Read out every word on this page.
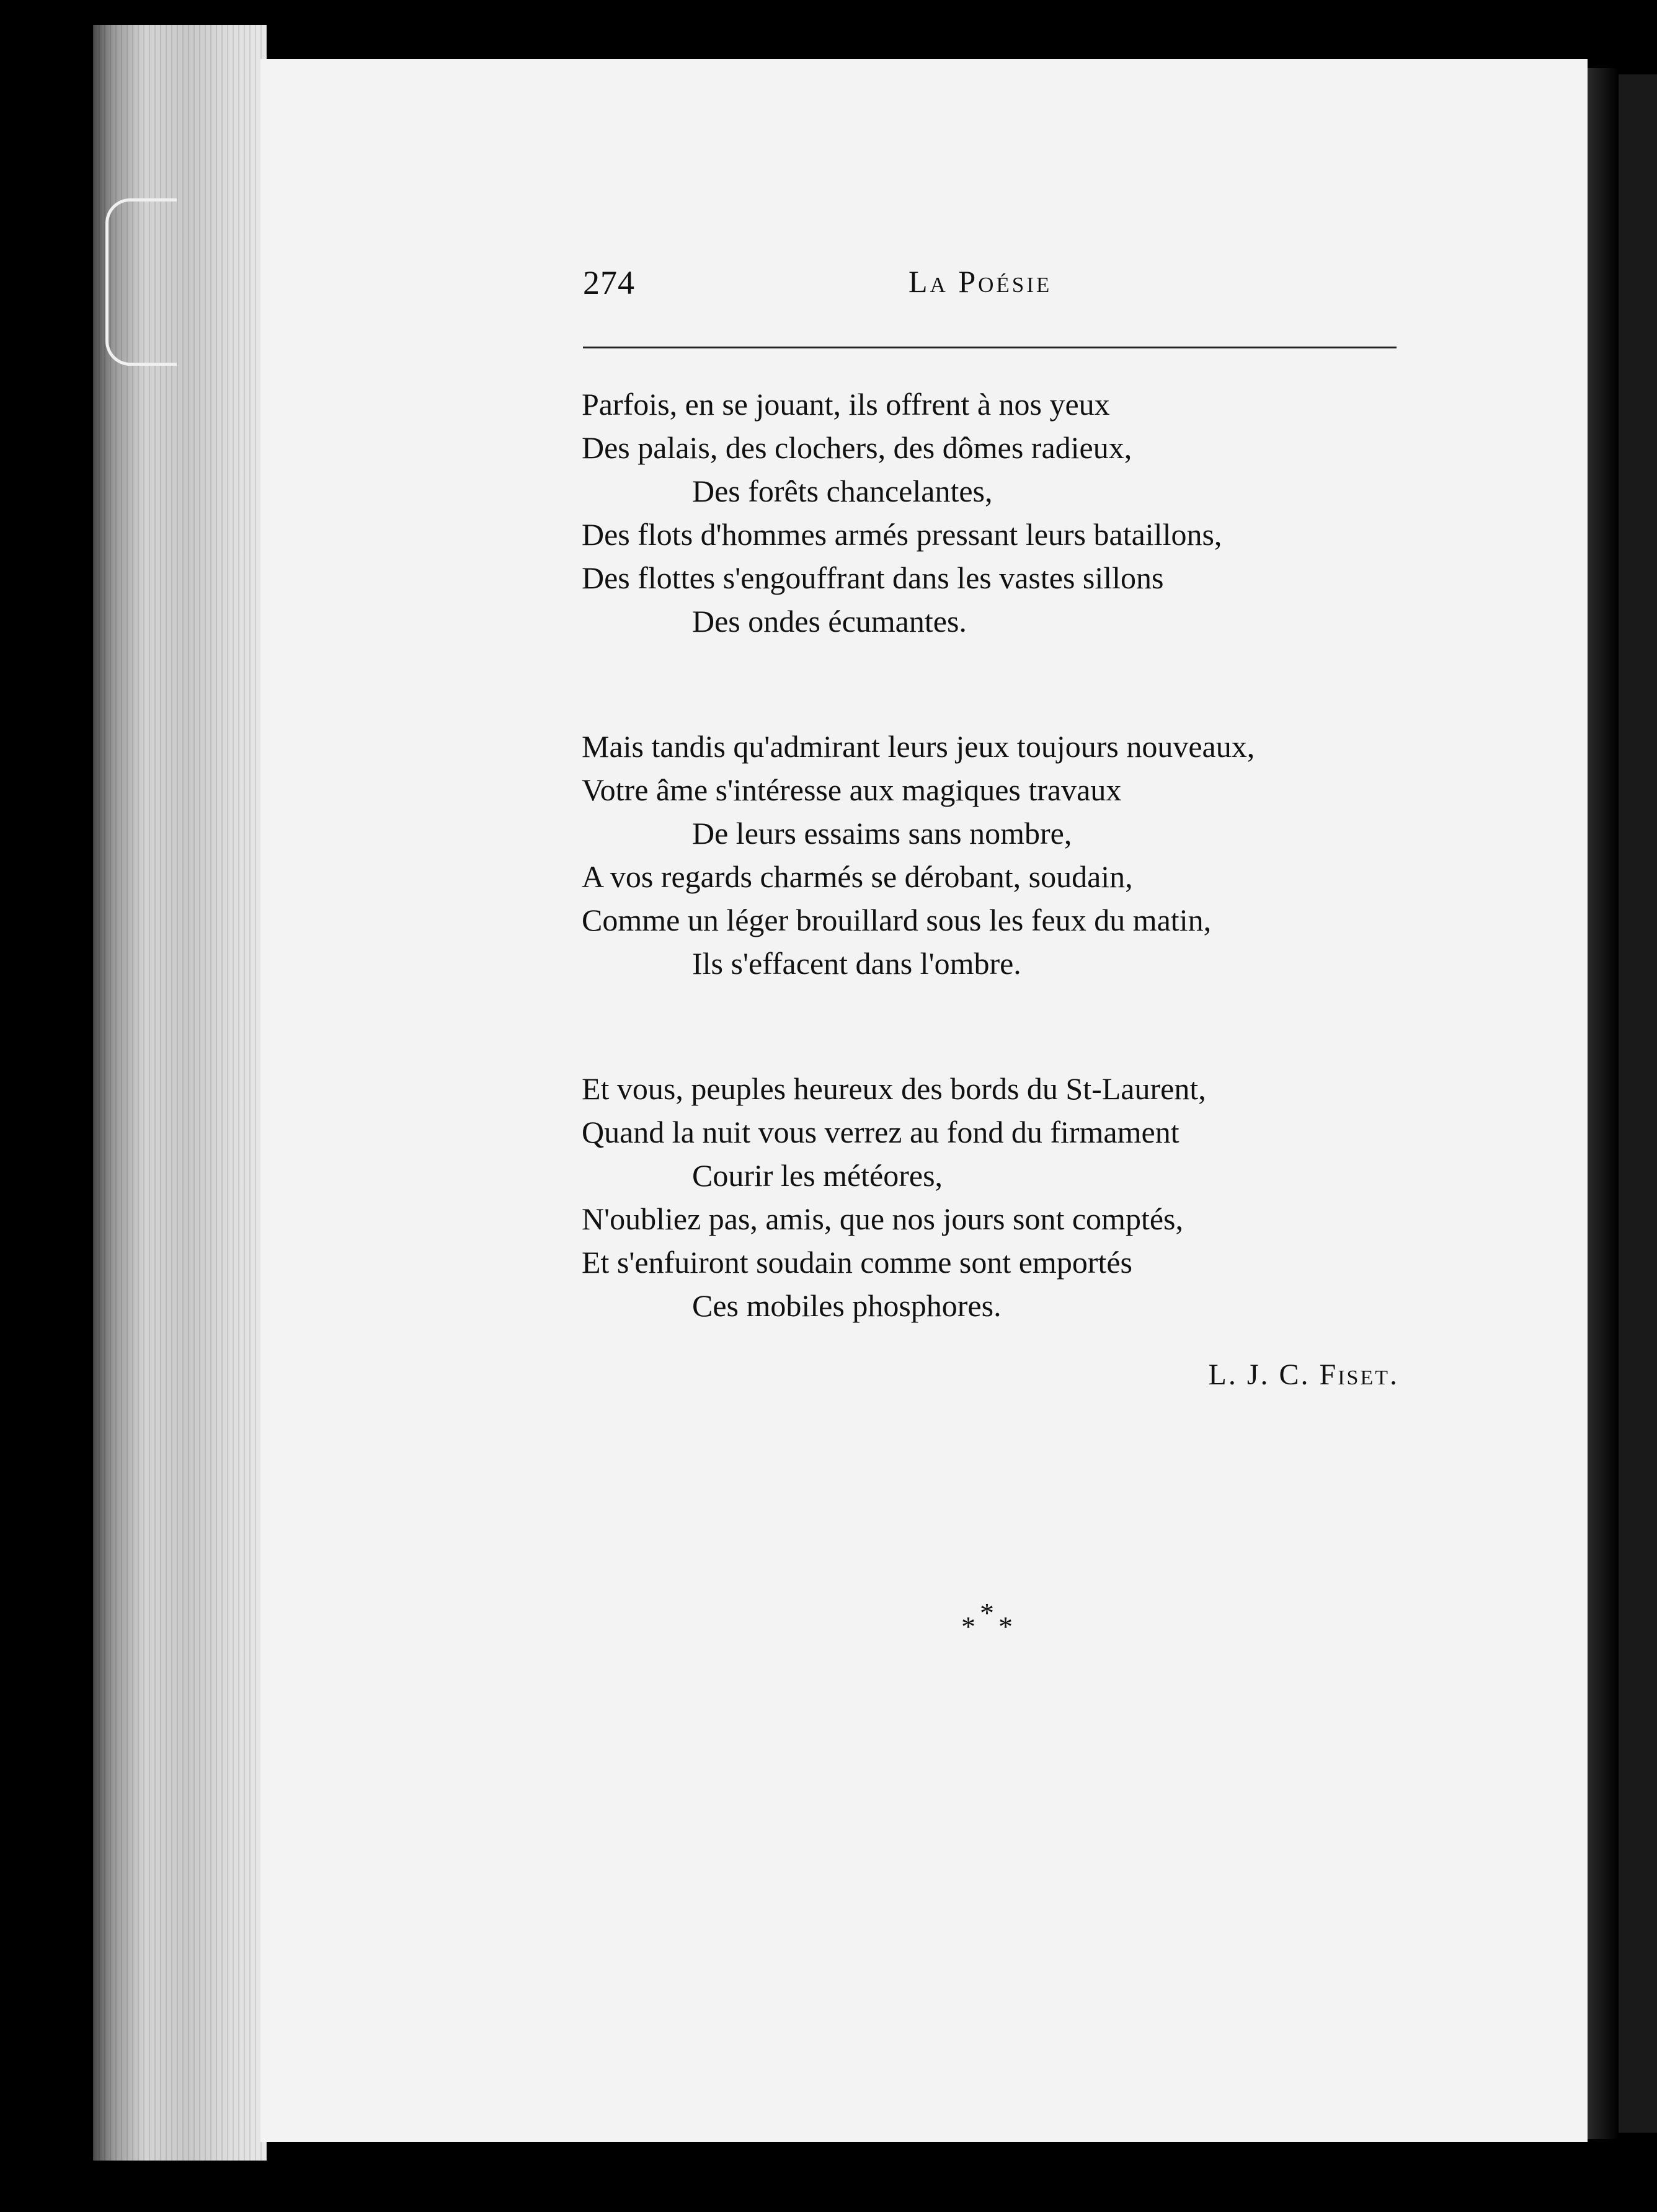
274	La Poésie
Parfois, en se jouant, ils offrent à nos yeux
Des palais, des clochers, des dômes radieux,
Des forêts chancelantes,
Des flots d'hommes armés pressant leurs bataillons,
Des flottes s'engouffrant dans les vastes sillons
Des ondes écumantes.
Mais tandis qu'admirant leurs jeux toujours nouveaux,
Votre âme s'intéresse aux magiques travaux
De leurs essaims sans nombre,
A vos regards charmés se dérobant, soudain,
Comme un léger brouillard sous les feux du matin,
Ils s'effacent dans l'ombre.
Et vous, peuples heureux des bords du St-Laurent,
Quand la nuit vous verrez au fond du firmament
Courir les météores,
N'oubliez pas, amis, que nos jours sont comptés,
Et s'enfuiront soudain comme sont emportés
Ces mobiles phosphores.
L. J. C. Fiset.
* * *
